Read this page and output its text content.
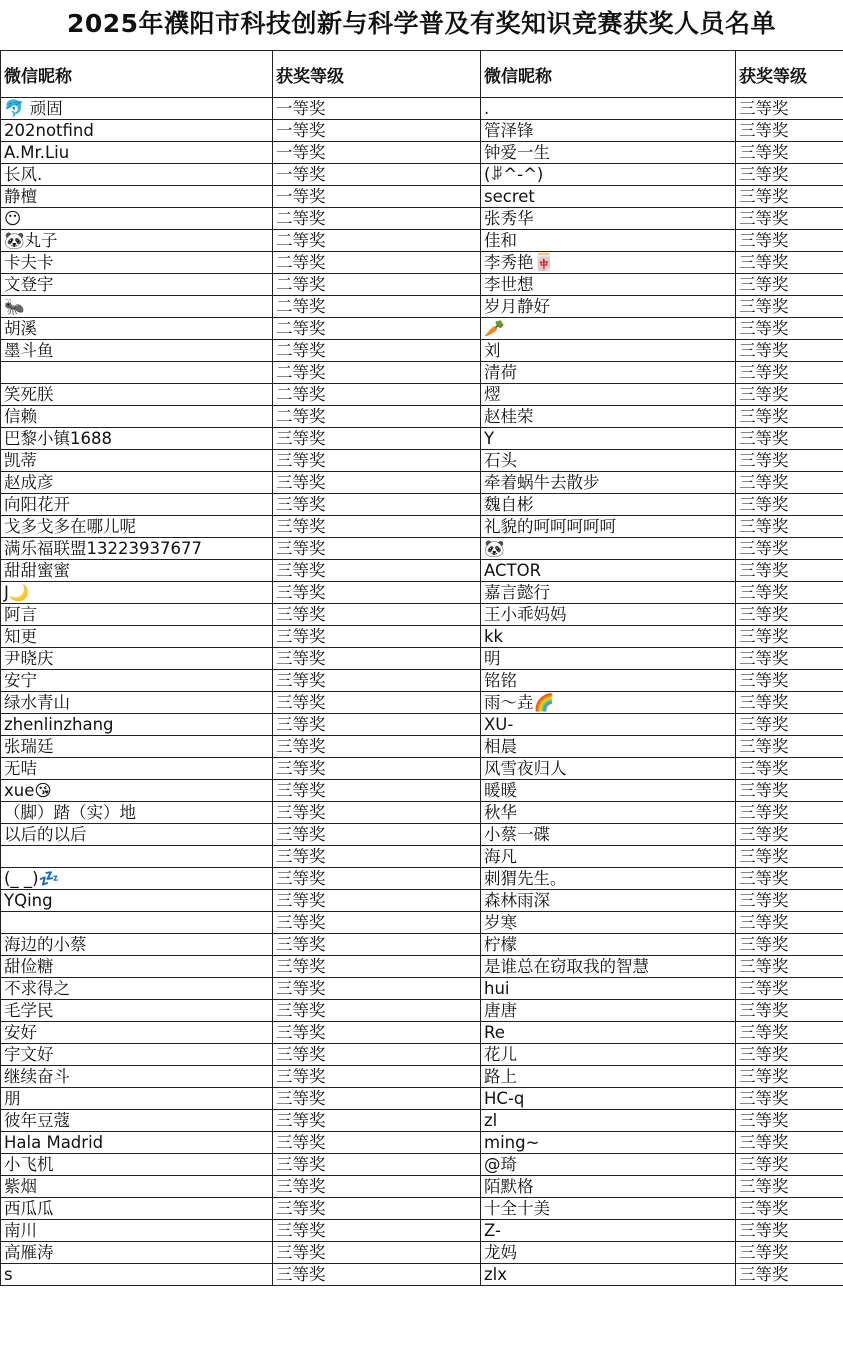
2025年濮阳市科技创新与科学普及有奖知识竞赛获奖人员名单
微信昵称	获奖等级	微信昵称	获奖等级
🐬 顽固	一等奖	.	三等奖
202notfind	一等奖	管泽锋	三等奖
A.Mr.Liu	一等奖	钟爱一生	三等奖
长风.	一等奖	(ꆦ^-^)	三等奖
静檀	一等奖	secret	三等奖
😶	二等奖	张秀华	三等奖
🐼丸子	二等奖	佳和	三等奖
卡夫卡	二等奖	李秀艳🀄	三等奖
文登宇	二等奖	李世想	三等奖
🐜	二等奖	岁月静好	三等奖
胡溪	二等奖	🥕	三等奖
墨斗鱼	二等奖	刘	三等奖
	二等奖	清荷	三等奖
笑死朕	二等奖	熤	三等奖
信赖	二等奖	赵桂荣	三等奖
巴黎小镇1688	三等奖	Y	三等奖
凯蒂	三等奖	石头	三等奖
赵成彦	三等奖	牵着蜗牛去散步	三等奖
向阳花开	三等奖	魏自彬	三等奖
戈多戈多在哪儿呢	三等奖	礼貌的呵呵呵呵呵	三等奖
满乐福联盟13223937677	三等奖	🐼	三等奖
甜甜蜜蜜	三等奖	ACTOR	三等奖
J🌙	三等奖	嘉言懿行	三等奖
阿言	三等奖	王小乖妈妈	三等奖
知更	三等奖	kk	三等奖
尹晓庆	三等奖	明	三等奖
安宁	三等奖	铭铭	三等奖
绿水青山	三等奖	雨～垚🌈	三等奖
zhenlinzhang	三等奖	XU-	三等奖
张瑞廷	三等奖	相晨	三等奖
无咭	三等奖	风雪夜归人	三等奖
xue😘	三等奖	暖暖	三等奖
（脚）踏（实）地	三等奖	秋华	三等奖
以后的以后	三等奖	小蔡一碟	三等奖
	三等奖	海凡	三等奖
(_ _)💤	三等奖	刺猬先生。	三等奖
YQing	三等奖	森林雨深	三等奖
	三等奖	岁寒	三等奖
海边的小蔡	三等奖	柠檬	三等奖
甜俭糖	三等奖	是谁总在窃取我的智慧	三等奖
不求得之	三等奖	hui	三等奖
毛学民	三等奖	唐唐	三等奖
安好	三等奖	Re	三等奖
宇文好	三等奖	花儿	三等奖
继续奋斗	三等奖	路上	三等奖
朋	三等奖	HC-q	三等奖
彼年豆蔻	三等奖	zl	三等奖
Hala Madrid	三等奖	ming~	三等奖
小飞机	三等奖	@琦	三等奖
紫烟	三等奖	陌默格	三等奖
西瓜瓜	三等奖	十全十美	三等奖
南川	三等奖	Z-	三等奖
高雁涛	三等奖	龙妈	三等奖
s	三等奖	zlx	三等奖
